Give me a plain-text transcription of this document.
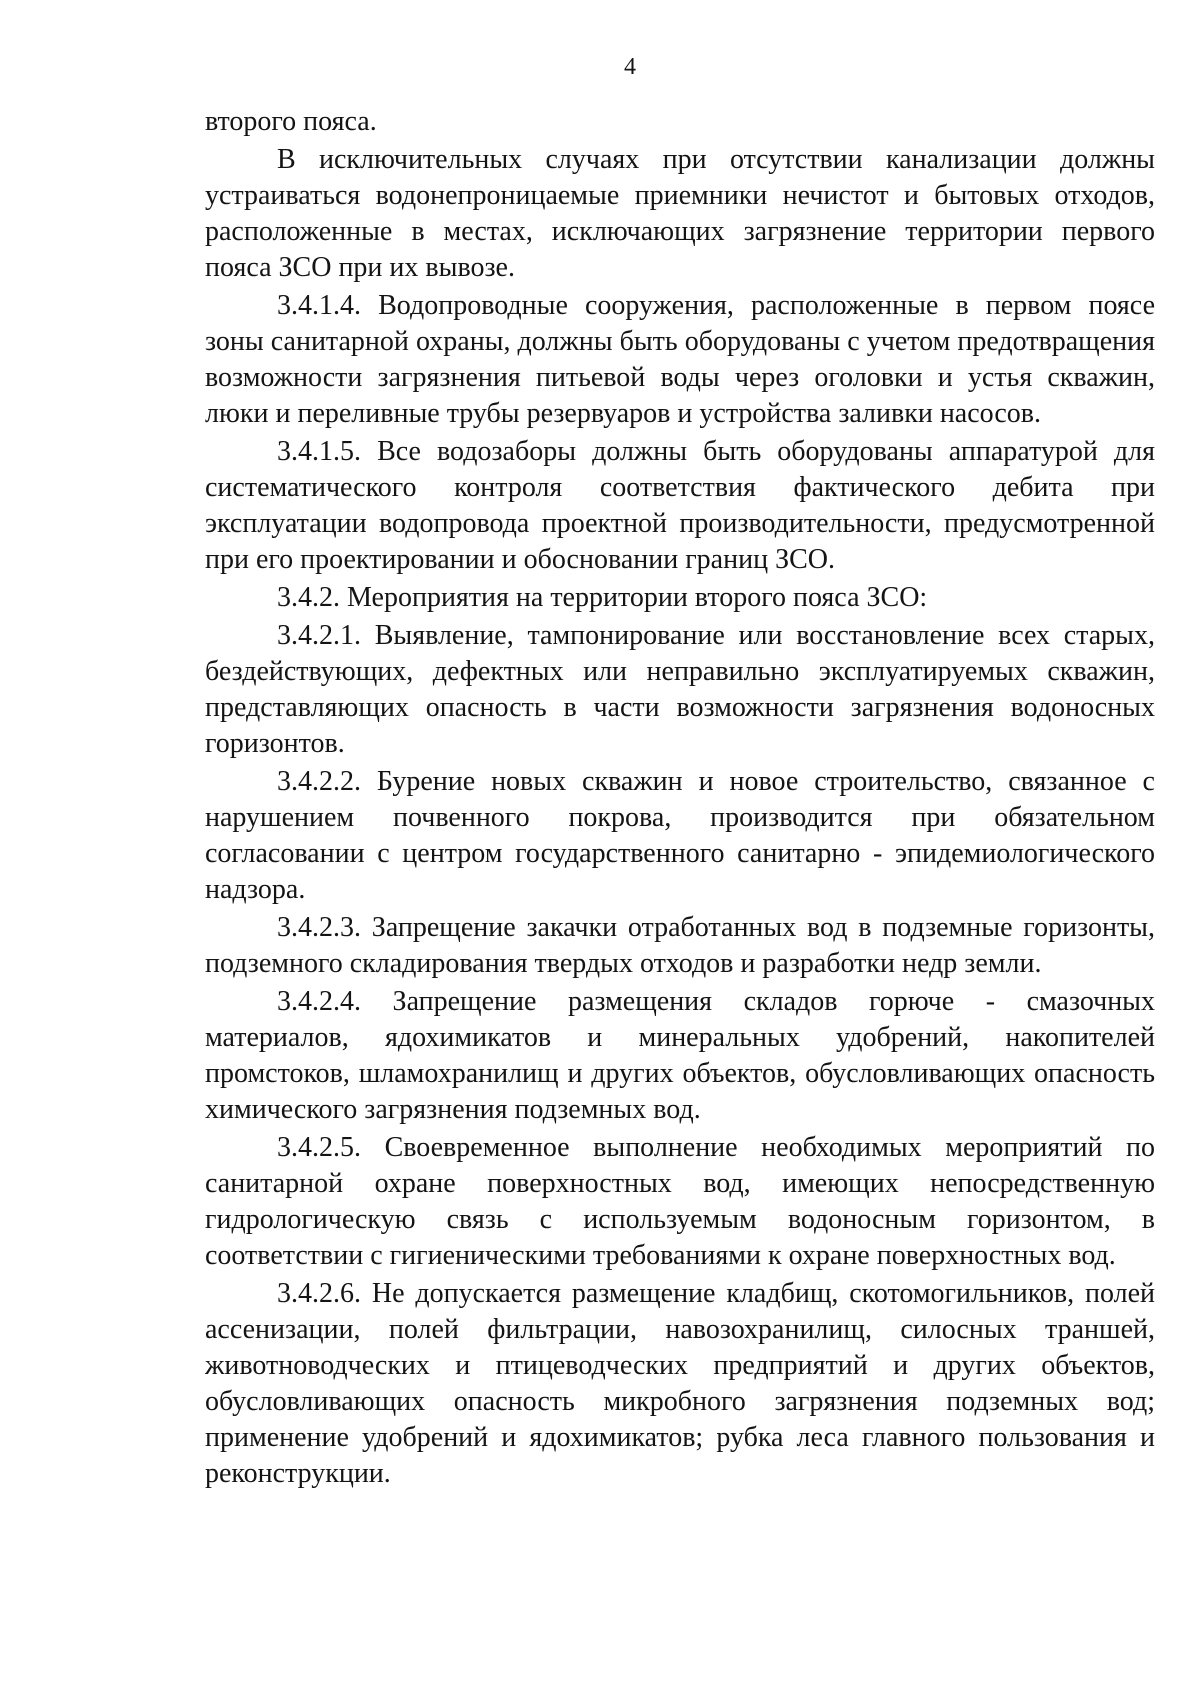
4

второго пояса.

В исключительных случаях при отсутствии канализации должны устраиваться водонепроницаемые приемники нечистот и бытовых отходов, расположенные в местах, исключающих загрязнение территории первого пояса ЗСО при их вывозе.

3.4.1.4. Водопроводные сооружения, расположенные в первом поясе зоны санитарной охраны, должны быть оборудованы с учетом предотвращения возможности загрязнения питьевой воды через оголовки и устья скважин, люки и переливные трубы резервуаров и устройства заливки насосов.

3.4.1.5. Все водозаборы должны быть оборудованы аппаратурой для систематического контроля соответствия фактического дебита при эксплуатации водопровода проектной производительности, предусмотренной при его проектировании и обосновании границ ЗСО.

3.4.2. Мероприятия на территории второго пояса ЗСО:

3.4.2.1. Выявление, тампонирование или восстановление всех старых, бездействующих, дефектных или неправильно эксплуатируемых скважин, представляющих опасность в части возможности загрязнения водоносных горизонтов.

3.4.2.2. Бурение новых скважин и новое строительство, связанное с нарушением почвенного покрова, производится при обязательном согласовании с центром государственного санитарно - эпидемиологического надзора.

3.4.2.3. Запрещение закачки отработанных вод в подземные горизонты, подземного складирования твердых отходов и разработки недр земли.

3.4.2.4. Запрещение размещения складов горюче - смазочных материалов, ядохимикатов и минеральных удобрений, накопителей промстоков, шламохранилищ и других объектов, обусловливающих опасность химического загрязнения подземных вод.

3.4.2.5. Своевременное выполнение необходимых мероприятий по санитарной охране поверхностных вод, имеющих непосредственную гидрологическую связь с используемым водоносным горизонтом, в соответствии с гигиеническими требованиями к охране поверхностных вод.

3.4.2.6. Не допускается размещение кладбищ, скотомогильников, полей ассенизации, полей фильтрации, навозохранилищ, силосных траншей, животноводческих и птицеводческих предприятий и других объектов, обусловливающих опасность микробного загрязнения подземных вод; применение удобрений и ядохимикатов; рубка леса главного пользования и реконструкции.
